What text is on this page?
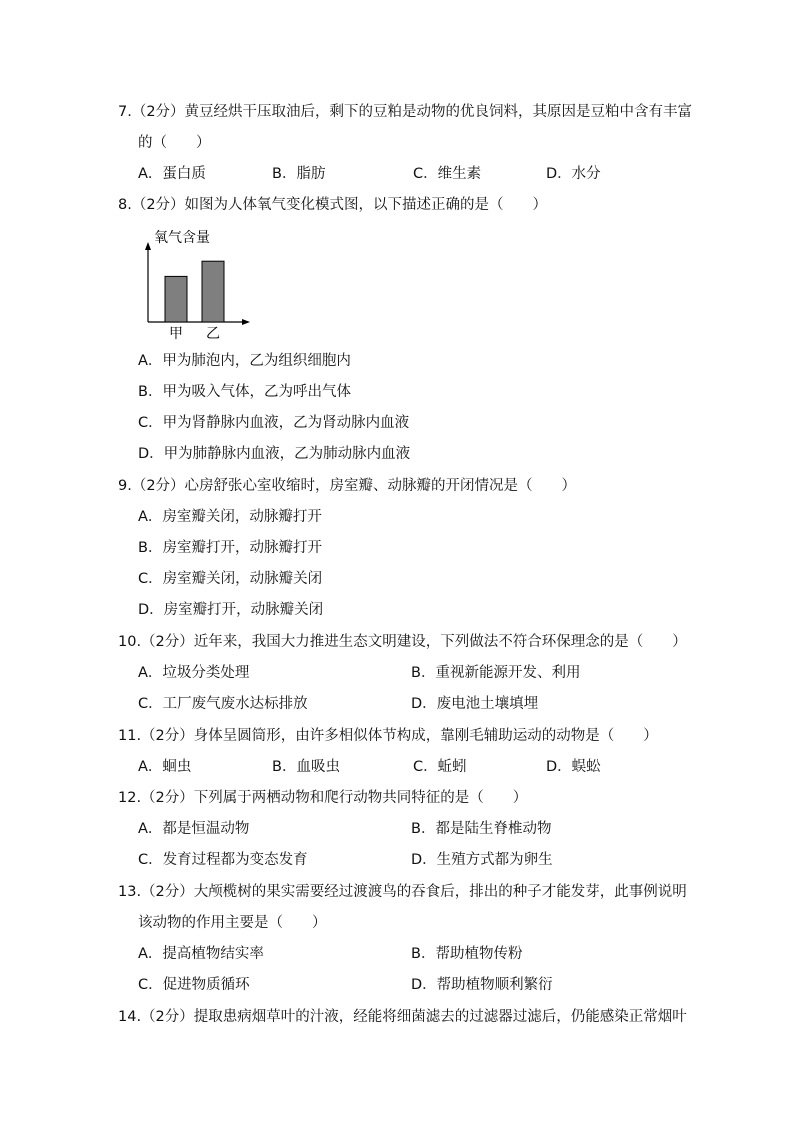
7.（2分）黄豆经烘干压取油后，剩下的豆粕是动物的优良饲料，其原因是豆粕中含有丰富
的（　　）
A．蛋白质	B．脂肪	C．维生素	D．水分
8.（2分）如图为人体氧气变化模式图，以下描述正确的是（　　）
氧气含量
甲 乙
A．甲为肺泡内，乙为组织细胞内
B．甲为吸入气体，乙为呼出气体
C．甲为肾静脉内血液，乙为肾动脉内血液
D．甲为肺静脉内血液，乙为肺动脉内血液
9.（2分）心房舒张心室收缩时，房室瓣、动脉瓣的开闭情况是（　　）
A．房室瓣关闭，动脉瓣打开
B．房室瓣打开，动脉瓣打开
C．房室瓣关闭，动脉瓣关闭
D．房室瓣打开，动脉瓣关闭
10.（2分）近年来，我国大力推进生态文明建设，下列做法不符合环保理念的是（　　）
A．垃圾分类处理	B．重视新能源开发、利用
C．工厂废气废水达标排放	D．废电池土壤填埋
11.（2分）身体呈圆筒形，由许多相似体节构成，靠刚毛辅助运动的动物是（　　）
A．蛔虫	B．血吸虫	C．蚯蚓	D．蜈蚣
13.（2分）大颅榄树的果实需要经过渡渡鸟的吞食后，排出的种子才能发芽，此事例说明
该动物的作用主要是（　　）
A．提高植物结实率	B．帮助植物传粉
C．促进物质循环	D．帮助植物顺利繁衍
14.（2分）提取患病烟草叶的汁液，经能将细菌滤去的过滤器过滤后，仍能感染正常烟叶
12.（2分）下列属于两栖动物和爬行动物共同特征的是（　　）
A．都是恒温动物	B．都是陆生脊椎动物
C．发育过程都为变态发育	D．生殖方式都为卵生
